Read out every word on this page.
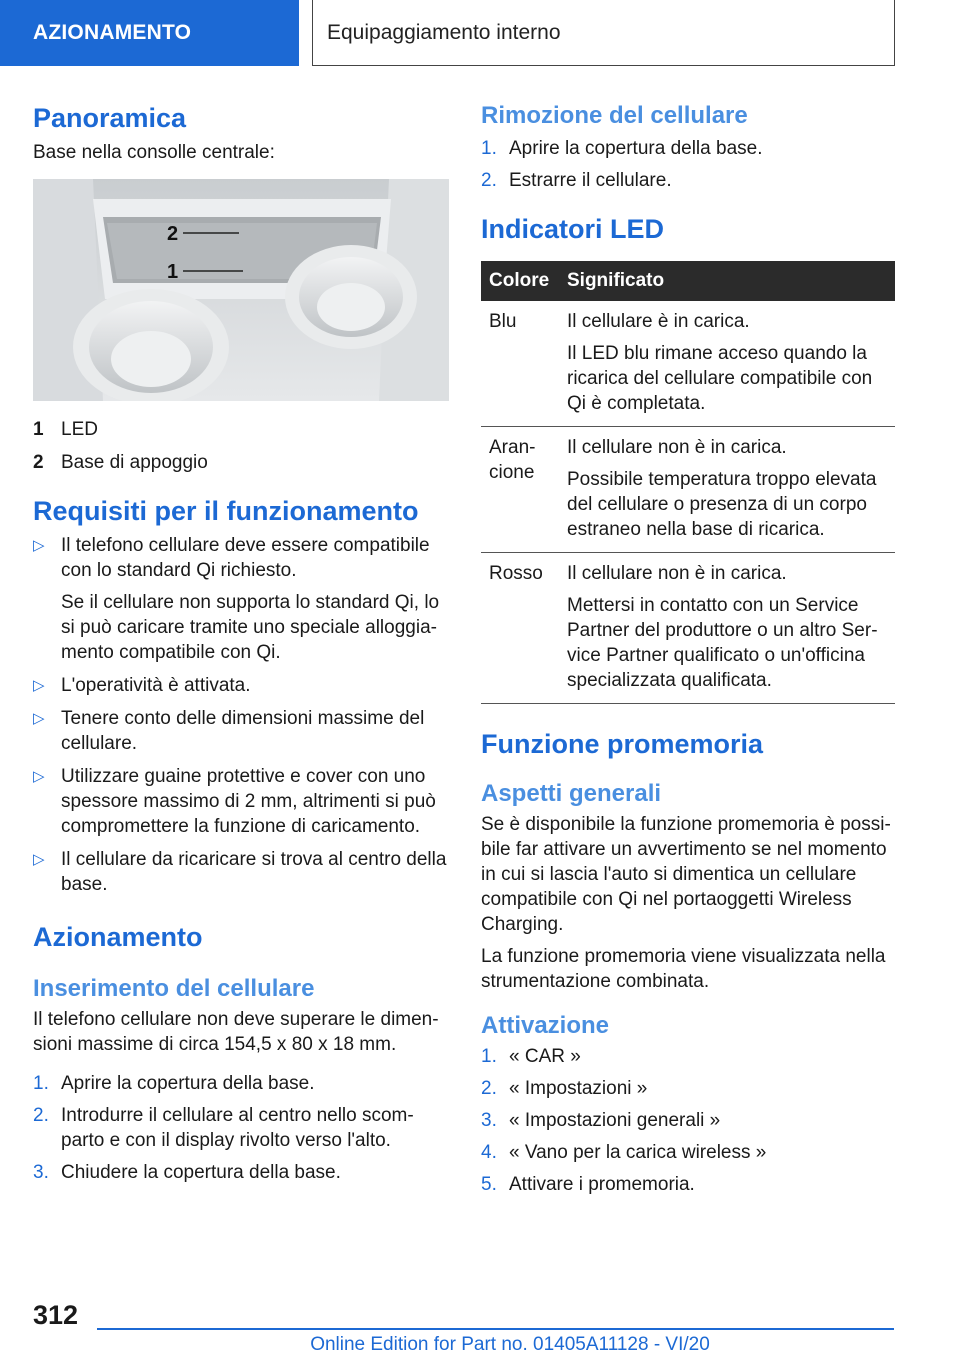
AZIONAMENTO	Equipaggiamento interno
Panoramica
Base nella consolle centrale:
2
1
1 LED
2 Base di appoggio
Requisiti per il funzionamento
▷ Il telefono cellulare deve essere compatibile con lo standard Qi richiesto.

Se il cellulare non supporta lo standard Qi, lo si può caricare tramite uno speciale alloggiamento compatibile con Qi.

▷ L'operatività è attivata.

▷ Tenere conto delle dimensioni massime del cellulare.

▷ Utilizzare guaine protettive e cover con uno spessore massimo di 2 mm, altrimenti si può compromettere la funzione di caricamento.

▷ Il cellulare da ricaricare si trova al centro della base.

Azionamento
Inserimento del cellulare
Il telefono cellulare non deve superare le dimensioni massime di circa 154,5 x 80 x 18 mm.
1. Aprire la copertura della base.
2. Introdurre il cellulare al centro nello scomparto e con il display rivolto verso l'alto.
3. Chiudere la copertura della base.
Rimozione del cellulare
1. Aprire la copertura della base.
2. Estrarre il cellulare.
Indicatori LED
Colore	Significato
Blu	Il cellulare è in carica.

Il LED blu rimane acceso quando la ricarica del cellulare compatibile con Qi è completata.

Arancione	Il cellulare non è in carica.

Possibile temperatura troppo elevata del cellulare o presenza di un corpo estraneo nella base di ricarica.

Rosso	Il cellulare non è in carica.

Mettersi in contatto con un Service Partner del produttore o un altro Service Partner qualificato o un'officina specializzata qualificata.

Funzione promemoria
Aspetti generali
Se è disponibile la funzione promemoria è possibile far attivare un avvertimento se nel momento in cui si lascia l'auto si dimentica un cellulare compatibile con Qi nel portaoggetti Wireless Charging.
La funzione promemoria viene visualizzata nella strumentazione combinata.
Attivazione
1. « CAR »
2. « Impostazioni »
3. « Impostazioni generali »
4. « Vano per la carica wireless »
5. Attivare i promemoria.
312
Online Edition for Part no. 01405A11128 - VI/20
